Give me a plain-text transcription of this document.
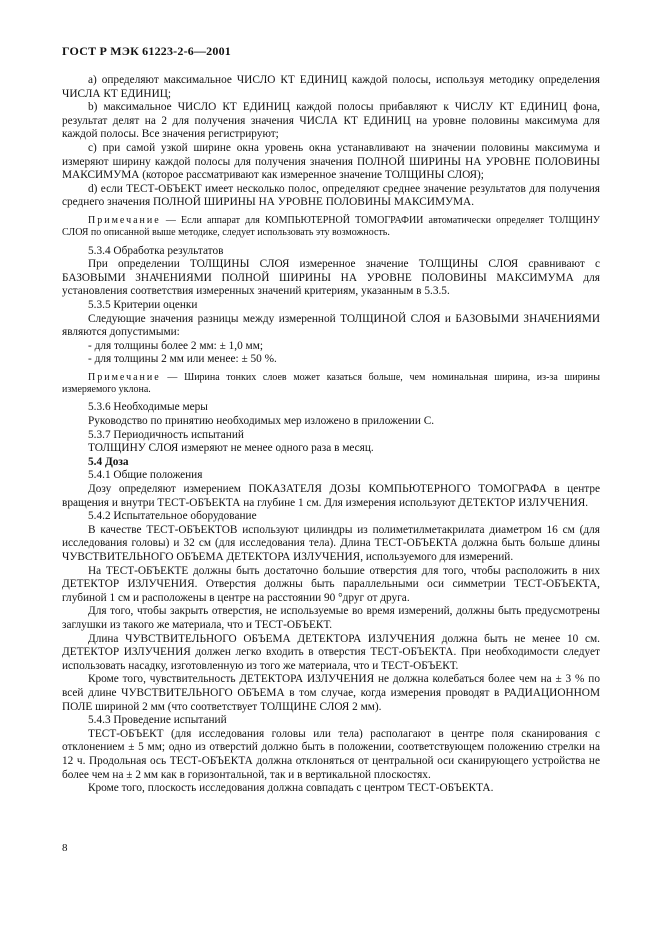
ГОСТ Р МЭК 61223-2-6—2001

а) определяют максимальное ЧИСЛО КТ ЕДИНИЦ каждой полосы, используя методику определения ЧИСЛА КТ ЕДИНИЦ;

b) максимальное ЧИСЛО КТ ЕДИНИЦ каждой полосы прибавляют к ЧИСЛУ КТ ЕДИНИЦ фона, результат делят на 2 для получения значения ЧИСЛА КТ ЕДИНИЦ на уровне половины максимума для каждой полосы. Все значения регистрируют;

с) при самой узкой ширине окна уровень окна устанавливают на значении половины максимума и измеряют ширину каждой полосы для получения значения ПОЛНОЙ ШИРИНЫ НА УРОВНЕ ПОЛОВИНЫ МАКСИМУМА (которое рассматривают как измеренное значение ТОЛЩИНЫ СЛОЯ);

d) если ТЕСТ-ОБЪЕКТ имеет несколько полос, определяют среднее значение результатов для получения среднего значения ПОЛНОЙ ШИРИНЫ НА УРОВНЕ ПОЛОВИНЫ МАКСИМУМА.

Примечание — Если аппарат для КОМПЬЮТЕРНОЙ ТОМОГРАФИИ автоматически определяет ТОЛЩИНУ СЛОЯ по описанной выше методике, следует использовать эту возможность.

5.3.4 Обработка результатов

При определении ТОЛЩИНЫ СЛОЯ измеренное значение ТОЛЩИНЫ СЛОЯ сравнивают с БАЗОВЫМИ ЗНАЧЕНИЯМИ ПОЛНОЙ ШИРИНЫ НА УРОВНЕ ПОЛОВИНЫ МАКСИМУМА для установления соответствия измеренных значений критериям, указанным в 5.3.5.

5.3.5 Критерии оценки

Следующие значения разницы между измеренной ТОЛЩИНОЙ СЛОЯ и БАЗОВЫМИ ЗНАЧЕНИЯМИ являются допустимыми:

- для толщины более 2 мм: ± 1,0 мм;

- для толщины 2 мм или менее: ± 50 %.

Примечание — Ширина тонких слоев может казаться больше, чем номинальная ширина, из-за ширины измеряемого уклона.

5.3.6 Необходимые меры

Руководство по принятию необходимых мер изложено в приложении С.

5.3.7 Периодичность испытаний

ТОЛЩИНУ СЛОЯ измеряют не менее одного раза в месяц.

5.4 Доза

5.4.1 Общие положения

Дозу определяют измерением ПОКАЗАТЕЛЯ ДОЗЫ КОМПЬЮТЕРНОГО ТОМОГРАФА в центре вращения и внутри ТЕСТ-ОБЪЕКТА на глубине 1 см. Для измерения используют ДЕТЕКТОР ИЗЛУЧЕНИЯ.

5.4.2 Испытательное оборудование

В качестве ТЕСТ-ОБЪЕКТОВ используют цилиндры из полиметилметакрилата диаметром 16 см (для исследования головы) и 32 см (для исследования тела). Длина ТЕСТ-ОБЪЕКТА должна быть больше длины ЧУВСТВИТЕЛЬНОГО ОБЪЕМА ДЕТЕКТОРА ИЗЛУЧЕНИЯ, используемого для измерений.

На ТЕСТ-ОБЪЕКТЕ должны быть достаточно большие отверстия для того, чтобы расположить в них ДЕТЕКТОР ИЗЛУЧЕНИЯ. Отверстия должны быть параллельными оси симметрии ТЕСТ-ОБЪЕКТА, глубиной 1 см и расположены в центре на расстоянии 90 °друг от друга.

Для того, чтобы закрыть отверстия, не используемые во время измерений, должны быть предусмотрены заглушки из такого же материала, что и ТЕСТ-ОБЪЕКТ.

Длина ЧУВСТВИТЕЛЬНОГО ОБЪЕМА ДЕТЕКТОРА ИЗЛУЧЕНИЯ должна быть не менее 10 см. ДЕТЕКТОР ИЗЛУЧЕНИЯ должен легко входить в отверстия ТЕСТ-ОБЪЕКТА. При необходимости следует использовать насадку, изготовленную из того же материала, что и ТЕСТ-ОБЪЕКТ.

Кроме того, чувствительность ДЕТЕКТОРА ИЗЛУЧЕНИЯ не должна колебаться более чем на ± 3 % по всей длине ЧУВСТВИТЕЛЬНОГО ОБЪЕМА в том случае, когда измерения проводят в РАДИАЦИОННОМ ПОЛЕ шириной 2 мм (что соответствует ТОЛЩИНЕ СЛОЯ 2 мм).

5.4.3 Проведение испытаний

ТЕСТ-ОБЪЕКТ (для исследования головы или тела) располагают в центре поля сканирования с отклонением ± 5 мм; одно из отверстий должно быть в положении, соответствующем положению стрелки на 12 ч. Продольная ось ТЕСТ-ОБЪЕКТА должна отклоняться от центральной оси сканирующего устройства не более чем на ± 2 мм как в горизонтальной, так и в вертикальной плоскостях.

Кроме того, плоскость исследования должна совпадать с центром ТЕСТ-ОБЪЕКТА.

8
